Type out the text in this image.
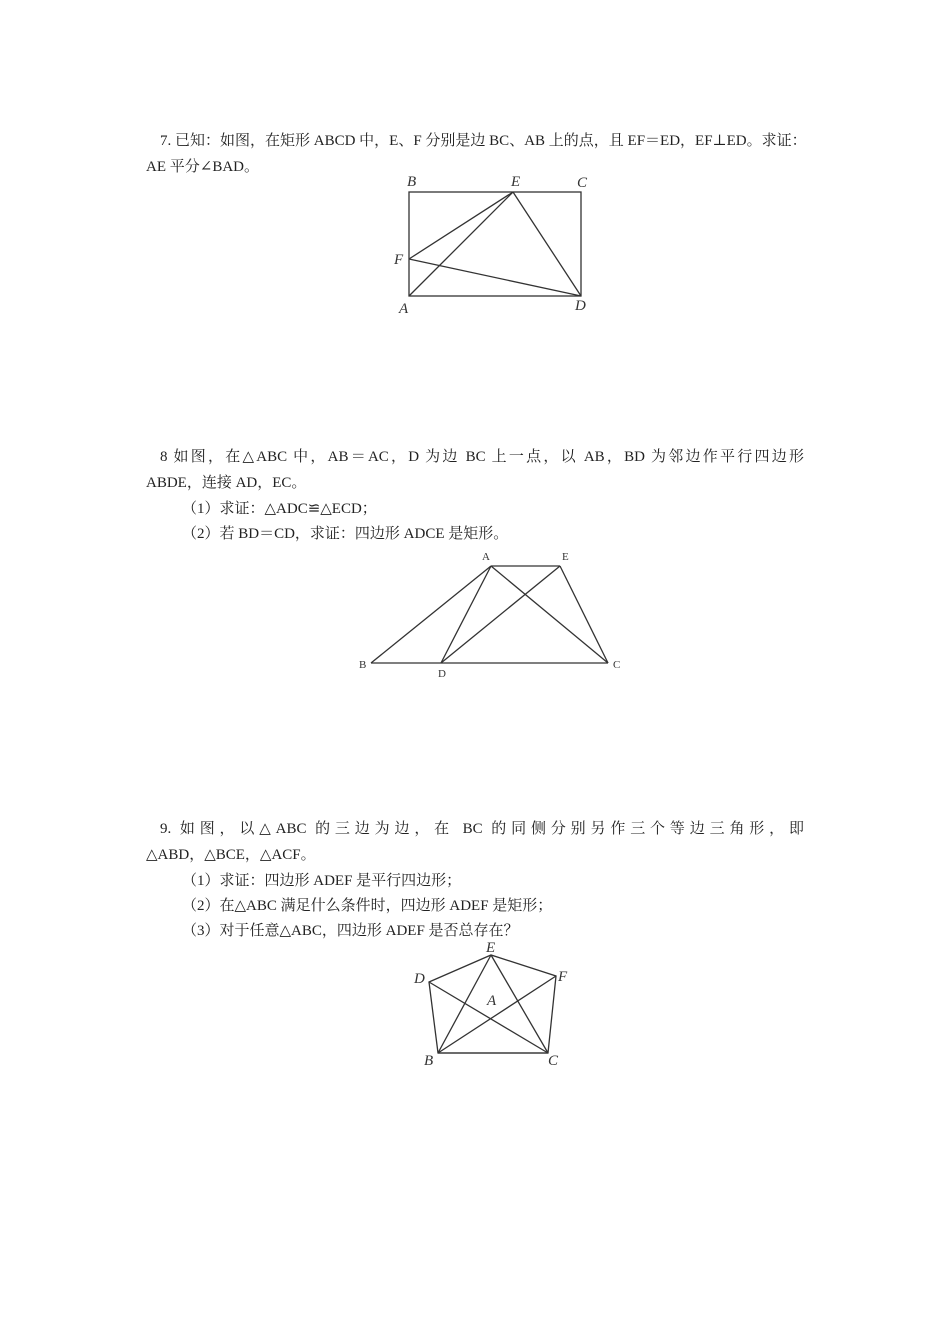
7. 已知：如图，在矩形 ABCD 中，E、F 分别是边 BC、AB 上的点，且 EF＝ED，EF⊥ED。求证：
AE 平分∠BAD。
B	E	C
F
A	D
8 如图，在△ABC 中，AB＝AC，D 为边 BC 上一点，以 AB，BD 为邻边作平行四边形
ABDE，连接 AD，EC。
（1）求证：△ADC≌△ECD；
（2）若 BD＝CD，求证：四边形 ADCE 是矩形。
A	E
B
D
C
9. 如图，以△ABC 的三边为边，在 BC 的同侧分别另作三个等边三角形，即
△ABD，△BCE，△ACF。
（1）求证：四边形 ADEF 是平行四边形；
（2）在△ABC 满足什么条件时，四边形 ADEF 是矩形；
（3）对于任意△ABC，四边形 ADEF 是否总存在？
E
D	F
A
B	C
